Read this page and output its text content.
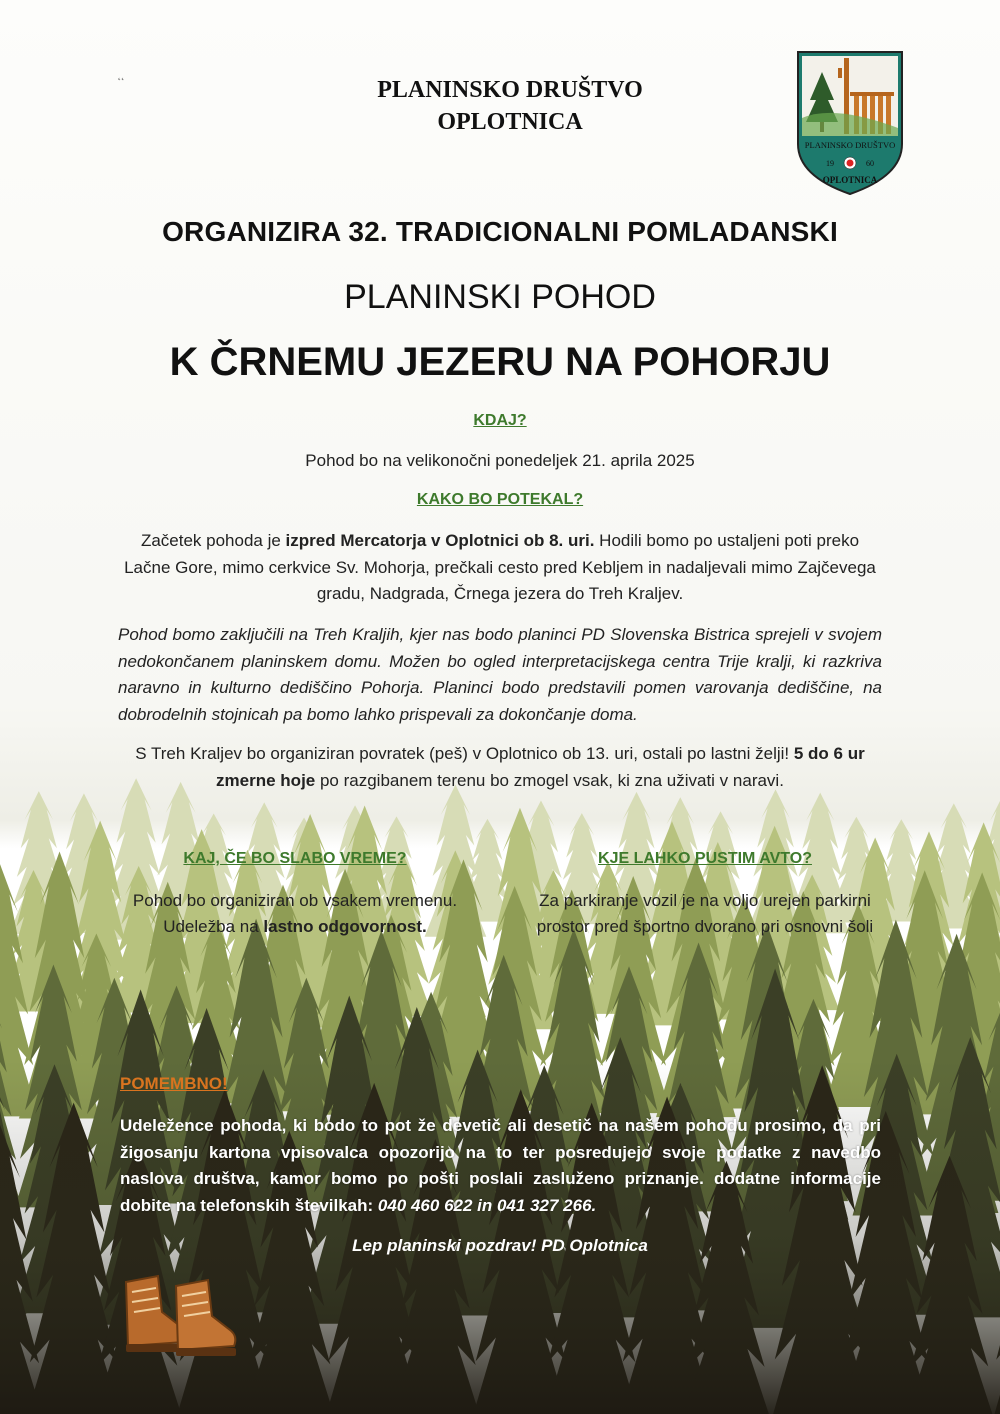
˛˛
PLANINSKO DRUŠTVO
OPLOTNICA
PLANINSKO DRUŠTVO
19	60
OPLOTNICA
ORGANIZIRA 32. TRADICIONALNI POMLADANSKI
PLANINSKI POHOD
K ČRNEMU JEZERU NA POHORJU
KDAJ?
Pohod bo na velikonočni ponedeljek 21. aprila 2025
KAKO BO POTEKAL?
Začetek pohoda je izpred Mercatorja v Oplotnici ob 8. uri. Hodili bomo po ustaljeni poti preko Lačne Gore, mimo cerkvice Sv. Mohorja, prečkali cesto pred Kebljem in nadaljevali mimo Zajčevega gradu, Nadgrada, Črnega jezera do Treh Kraljev.
Pohod bomo zaključili na Treh Kraljih, kjer nas bodo planinci PD Slovenska Bistrica sprejeli v svojem nedokončanem planinskem domu. Možen bo ogled interpretacijskega centra Trije kralji, ki razkriva naravno in kulturno dediščino Pohorja. Planinci bodo predstavili pomen varovanja dediščine, na dobrodelnih stojnicah pa bomo lahko prispevali za dokončanje doma.
S Treh Kraljev bo organiziran povratek (peš) v Oplotnico ob 13. uri, ostali po lastni želji! 5 do 6 ur zmerne hoje po razgibanem terenu bo zmogel vsak, ki zna uživati v naravi.
KAJ, ČE BO SLABO VREME?
Pohod bo organiziran ob vsakem vremenu.
Udeležba na lastno odgovornost.
KJE LAHKO PUSTIM AVTO?
Za parkiranje vozil je na voljo urejen parkirni prostor pred športno dvorano pri osnovni šoli
POMEMBNO!
Udeležence pohoda, ki bodo to pot že devetič ali desetič na našem pohodu prosimo, da pri žigosanju kartona vpisovalca opozorijo na to ter posredujejo svoje podatke z navedbo naslova društva, kamor bomo po pošti poslali zasluženo priznanje. dodatne informacije dobite na telefonskih številkah: 040 460 622 in 041 327 266.
Lep planinski pozdrav! PD Oplotnica
